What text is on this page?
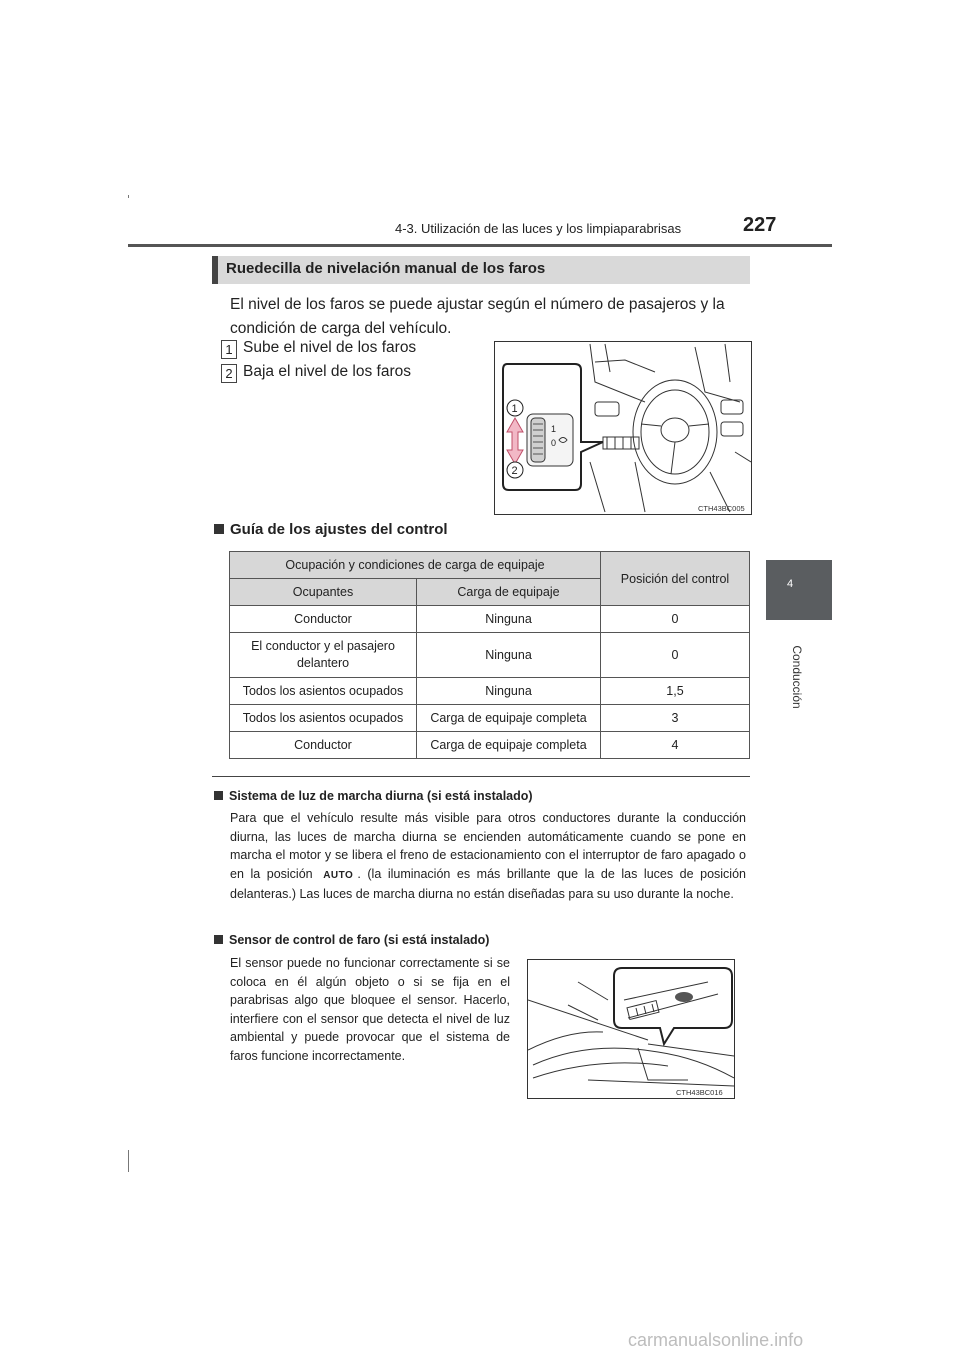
4-3. Utilización de las luces y los limpiaparabrisas	227
4
Conducción
Ruedecilla de nivelación manual de los faros
El nivel de los faros se puede ajustar según el número de pasajeros y la condición de carga del vehículo.
1 Sube el nivel de los faros
2 Baja el nivel de los faros
1
0
1
2
CTH43BC005
Guía de los ajustes del control
Ocupación y condiciones de carga de equipaje		Posición del control
Ocupantes	Carga de equipaje	
Conductor	Ninguna	0
El conductor y el pasajero delantero	Ninguna	0
Todos los asientos ocupados	Ninguna	1,5
Todos los asientos ocupados	Carga de equipaje completa	3
Conductor	Carga de equipaje completa	4
Sistema de luz de marcha diurna (si está instalado)
Para que el vehículo resulte más visible para otros conductores durante la conducción diurna, las luces de marcha diurna se encienden automáticamente cuando se pone en marcha el motor y se libera el freno de estacionamiento con el interruptor de faro apagado o en la posición AUTO . (la iluminación es más brillante que la de las luces de posición delanteras.) Las luces de marcha diurna no están diseñadas para su uso durante la noche.
Sensor de control de faro (si está instalado)
El sensor puede no funcionar correctamente si se coloca en él algún objeto o si se fija en el parabrisas algo que bloquee el sensor. Hacerlo, interfiere con el sensor que detecta el nivel de luz ambiental y puede provocar que el sistema de faros funcione incorrectamente.
CTH43BC016
carmanualsonline.info
